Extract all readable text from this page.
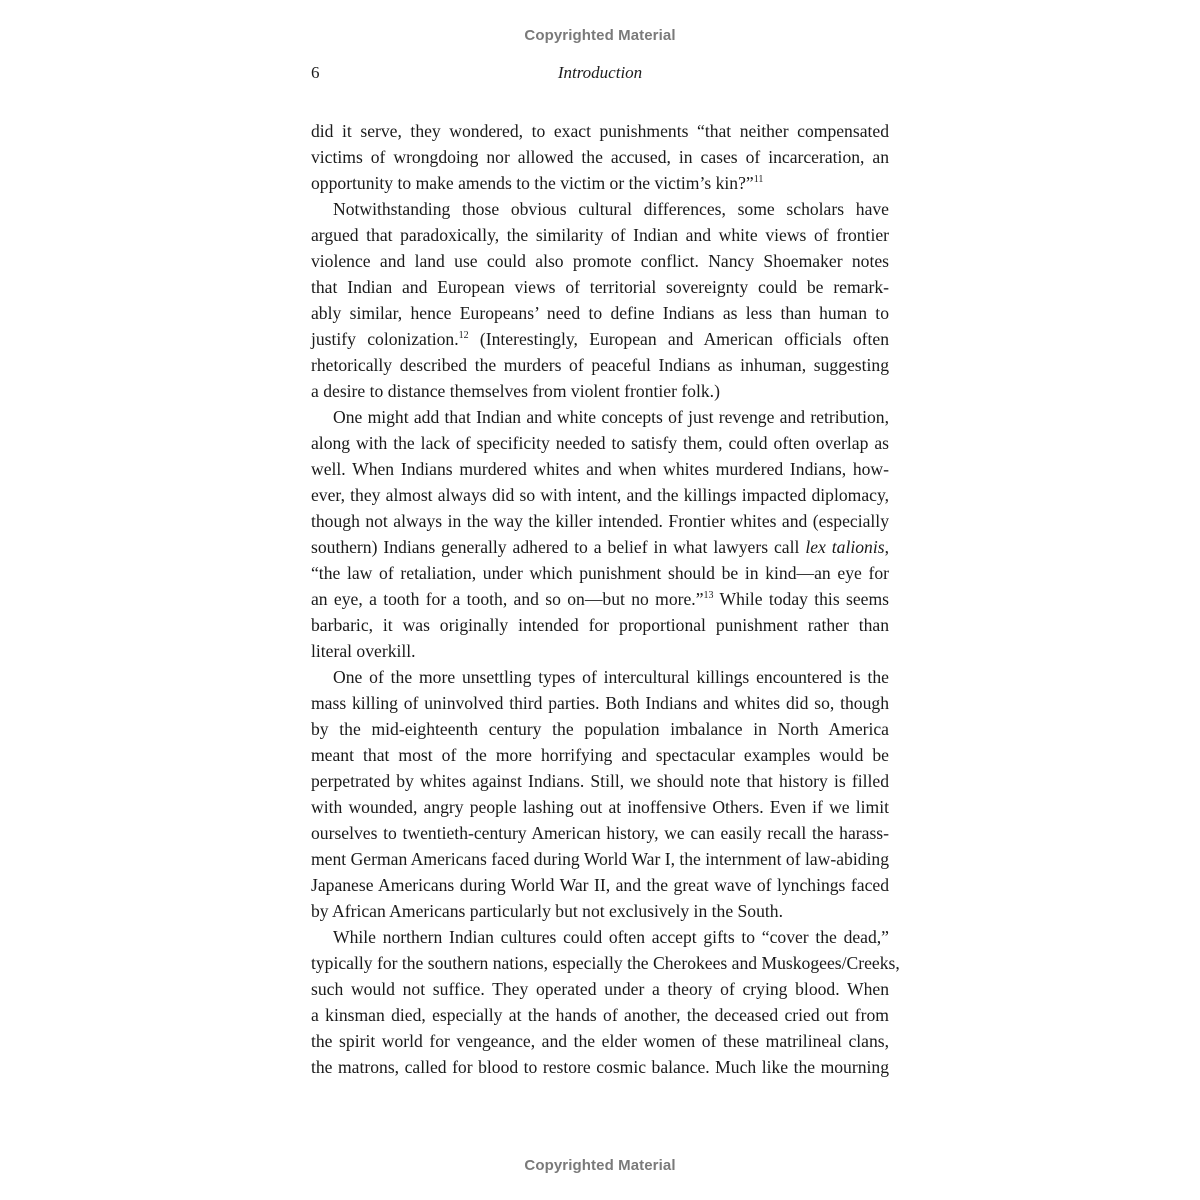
Copyrighted Material
6	Introduction
did it serve, they wondered, to exact punishments “that neither compensated
victims of wrongdoing nor allowed the accused, in cases of incarceration, an
opportunity to make amends to the victim or the victim’s kin?”$^{11}$
Notwithstanding those obvious cultural differences, some scholars have
argued that paradoxically, the similarity of Indian and white views of frontier
violence and land use could also promote conflict. Nancy Shoemaker notes
that Indian and European views of territorial sovereignty could be remark-
ably similar, hence Europeans’ need to define Indians as less than human to
justify colonization.$^{12}$ (Interestingly, European and American officials often
rhetorically described the murders of peaceful Indians as inhuman, suggesting
a desire to distance themselves from violent frontier folk.)
One might add that Indian and white concepts of just revenge and retribution,
along with the lack of specificity needed to satisfy them, could often overlap as
well. When Indians murdered whites and when whites murdered Indians, how-
ever, they almost always did so with intent, and the killings impacted diplomacy,
though not always in the way the killer intended. Frontier whites and (especially
southern) Indians generally adhered to a belief in what lawyers call lex talionis,
“the law of retaliation, under which punishment should be in kind—an eye for
an eye, a tooth for a tooth, and so on—but no more.”$^{13}$ While today this seems
barbaric, it was originally intended for proportional punishment rather than
literal overkill.
One of the more unsettling types of intercultural killings encountered is the
mass killing of uninvolved third parties. Both Indians and whites did so, though
by the mid-eighteenth century the population imbalance in North America
meant that most of the more horrifying and spectacular examples would be
perpetrated by whites against Indians. Still, we should note that history is filled
with wounded, angry people lashing out at inoffensive Others. Even if we limit
ourselves to twentieth-century American history, we can easily recall the harass-
ment German Americans faced during World War I, the internment of law-abiding
Japanese Americans during World War II, and the great wave of lynchings faced
by African Americans particularly but not exclusively in the South.
While northern Indian cultures could often accept gifts to “cover the dead,”
typically for the southern nations, especially the Cherokees and Muskogees/Creeks,
such would not suffice. They operated under a theory of crying blood. When
a kinsman died, especially at the hands of another, the deceased cried out from
the spirit world for vengeance, and the elder women of these matrilineal clans,
the matrons, called for blood to restore cosmic balance. Much like the mourning
Copyrighted Material
